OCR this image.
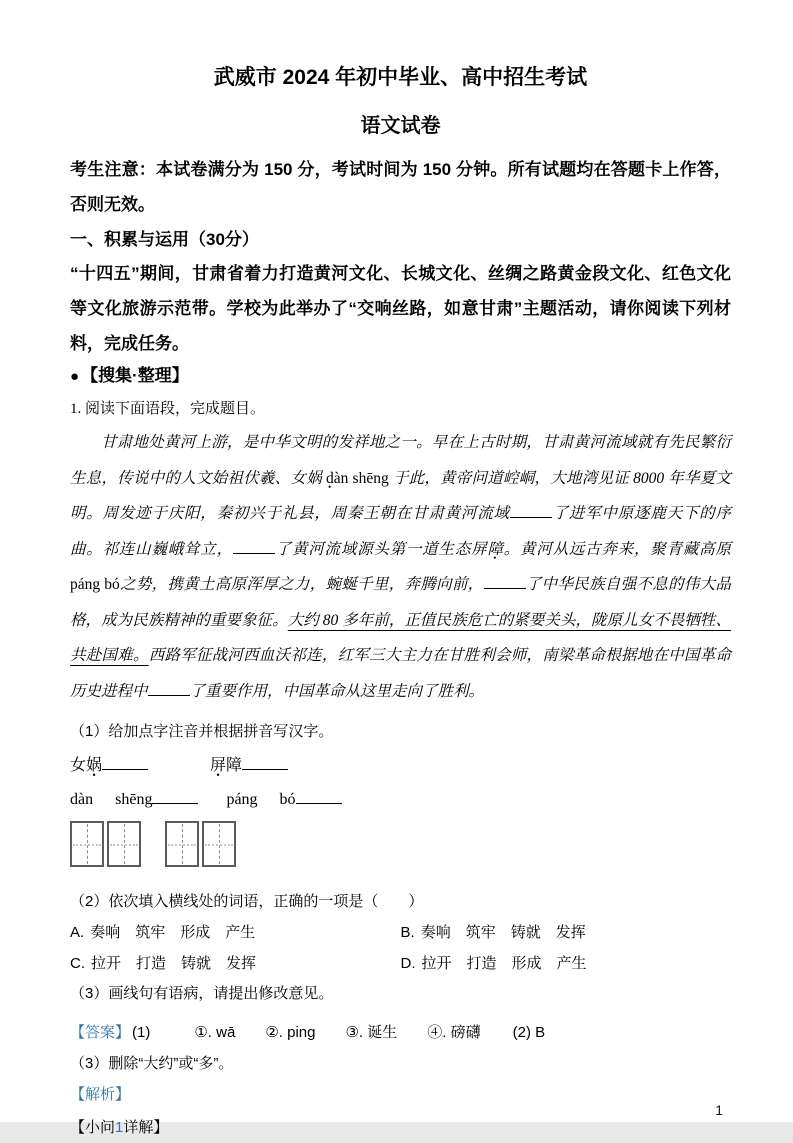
武威市 2024 年初中毕业、高中招生考试
语文试卷
考生注意：本试卷满分为 150 分，考试时间为 150 分钟。所有试题均在答题卡上作答，否则无效。
一、积累与运用（30分）
“十四五”期间，甘肃省着力打造黄河文化、长城文化、丝绸之路黄金段文化、红色文化等文化旅游示范带。学校为此举办了“交响丝路，如意甘肃”主题活动，请你阅读下列材料，完成任务。
● 【搜集·整理】
1. 阅读下面语段，完成题目。
甘肃地处黄河上游，是中华文明的发祥地之一。早在上古时期，甘肃黄河流域就有先民繁衍生息，传说中的人文始祖伏羲、女娲 dàn shēng 于此，黄帝问道崆峒，大地湾见证 8000 年华夏文明。周发迹于庆阳，秦初兴于礼县，周秦王朝在甘肃黄河流域	了进军中原逐鹿天下的序曲。祁连山巍峨耸立，	了黄河流域源头第一道生态屏障。黄河从远古奔来，聚青藏高原 páng bó之势，携黄土高原浑厚之力，蜿蜒千里，奔腾向前，	了中华民族自强不息的伟大品格，成为民族精神的重要象征。大约 80 多年前，正值民族危亡的紧要关头，陇原儿女不畏牺牲、共赴国难。西路军征战河西血沃祁连，红军三大主力在甘胜利会师，南梁革命根据地在中国革命历史进程中	了重要作用，中国革命从这里走向了胜利。
（1）给加点字注音并根据拼音写汉字。
女娲	屏障
dàn shēng	páng bó
（2）依次填入横线处的词语，正确的一项是（　　）
A. 奏响　筑牢　形成　产生	B. 奏响　筑牢　铸就　发挥
C. 拉开　打造　铸就　发挥	D. 拉开　打造　形成　产生
（3）画线句有语病，请提出修改意见。
【答案】 (1)	①. wā ②. ping ③. 诞生 ④. 磅礴 (2) B
（3）删除“大约”或“多”。
【解析】
【小问1详解】
1
